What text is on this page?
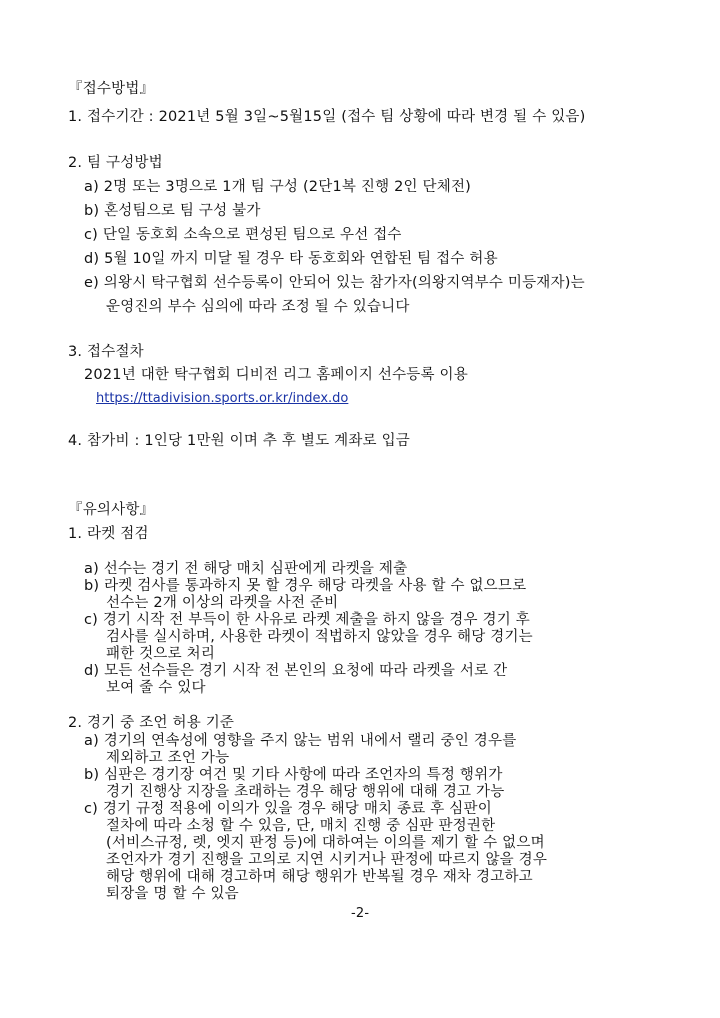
『접수방법』
1. 접수기간 : 2021년 5월 3일~5월15일 (접수 팀 상황에 따라 변경 될 수 있음)
2. 팀 구성방법
a) 2명 또는 3명으로 1개 팀 구성 (2단1복 진행 2인 단체전)
b) 혼성팀으로 팀 구성 불가
c) 단일 동호회 소속으로 편성된 팀으로 우선 접수
d) 5월 10일 까지 미달 될 경우 타 동호회와 연합된 팀 접수 허용
e) 의왕시 탁구협회 선수등록이 안되어 있는 참가자(의왕지역부수 미등재자)는
운영진의 부수 심의에 따라 조정 될 수 있습니다
3. 접수절차
2021년 대한 탁구협회 디비전 리그 홈페이지 선수등록 이용
https://ttadivision.sports.or.kr/index.do
4. 참가비 : 1인당 1만원 이며 추 후 별도 계좌로 입금
『유의사항』
1. 라켓 점검
a) 선수는 경기 전 해당 매치 심판에게 라켓을 제출
b) 라켓 검사를 통과하지 못 할 경우 해당 라켓을 사용 할 수 없으므로
선수는 2개 이상의 라켓을 사전 준비
c) 경기 시작 전 부득이 한 사유로 라켓 제출을 하지 않을 경우 경기 후
검사를 실시하며, 사용한 라켓이 적법하지 않았을 경우 해당 경기는
패한 것으로 처리
d) 모든 선수들은 경기 시작 전 본인의 요청에 따라 라켓을 서로 간
보여 줄 수 있다
2. 경기 중 조언 허용 기준
a) 경기의 연속성에 영향을 주지 않는 범위 내에서 랠리 중인 경우를
제외하고 조언 가능
b) 심판은 경기장 여건 및 기타 사항에 따라 조언자의 특정 행위가
경기 진행상 지장을 초래하는 경우 해당 행위에 대해 경고 가능
c) 경기 규정 적용에 이의가 있을 경우 해당 매치 종료 후 심판이
절차에 따라 소청 할 수 있음, 단, 매치 진행 중 심판 판정권한
(서비스규정, 렛, 엣지 판정 등)에 대하여는 이의를 제기 할 수 없으며
조언자가 경기 진행을 고의로 지연 시키거나 판정에 따르지 않을 경우
해당 행위에 대해 경고하며 해당 행위가 반복될 경우 재차 경고하고
퇴장을 명 할 수 있음
-2-
